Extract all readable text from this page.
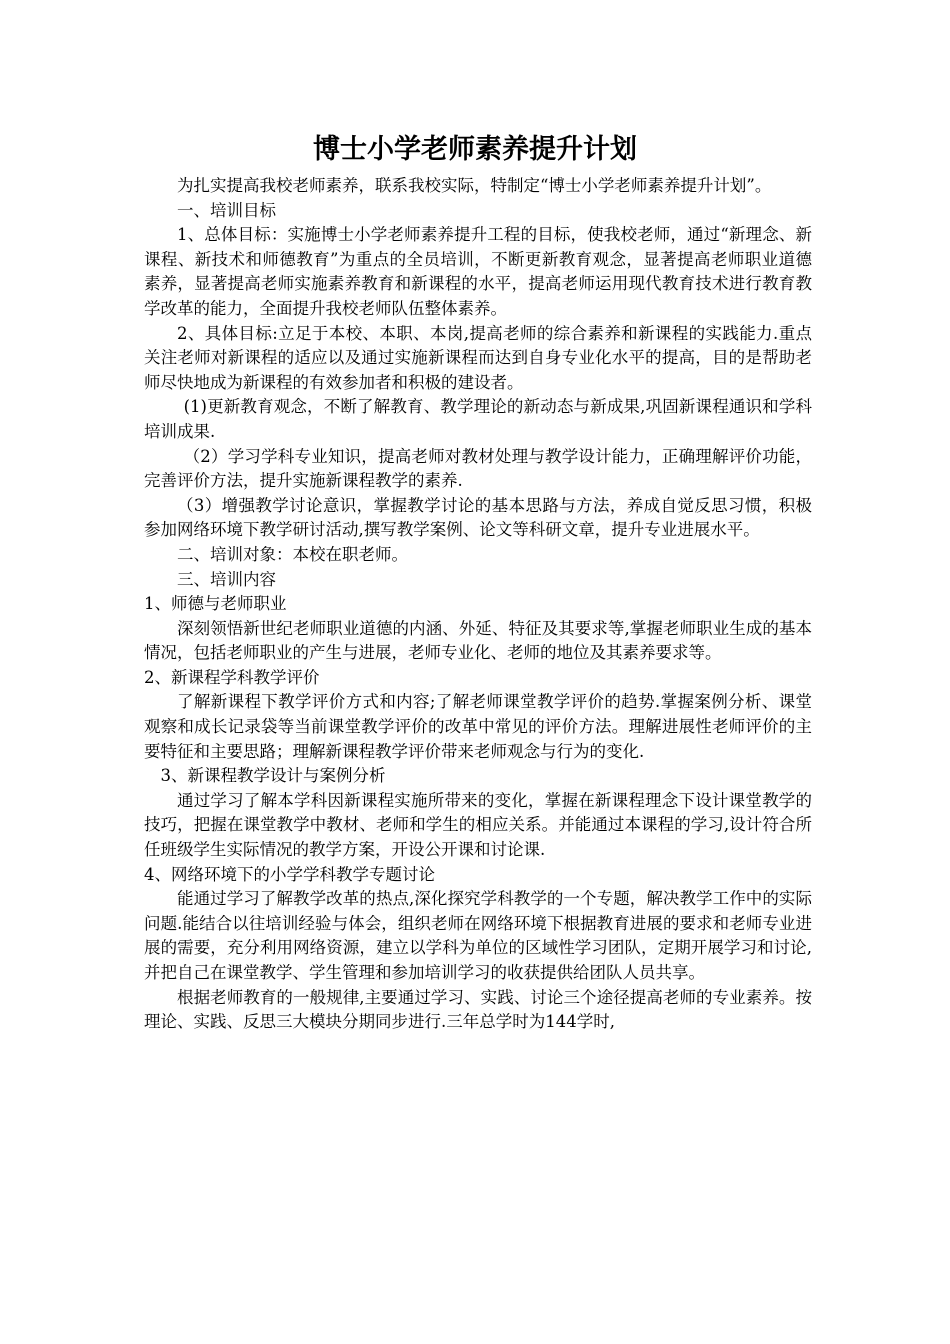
博士小学老师素养提升计划

为扎实提高我校老师素养，联系我校实际，特制定“博士小学老师素养提升计划”。

一、培训目标

1、总体目标：实施博士小学老师素养提升工程的目标，使我校老师，通过“新理念、新课程、新技术和师德教育”为重点的全员培训，不断更新教育观念，显著提高老师职业道德素养，显著提高老师实施素养教育和新课程的水平，提高老师运用现代教育技术进行教育教学改革的能力，全面提升我校老师队伍整体素养。

2、具体目标:立足于本校、本职、本岗,提高老师的综合素养和新课程的实践能力.重点关注老师对新课程的适应以及通过实施新课程而达到自身专业化水平的提高，目的是帮助老师尽快地成为新课程的有效参加者和积极的建设者。

(1)更新教育观念，不断了解教育、教学理论的新动态与新成果,巩固新课程通识和学科培训成果.

（2）学习学科专业知识，提高老师对教材处理与教学设计能力，正确理解评价功能，完善评价方法，提升实施新课程教学的素养.

（3）增强教学讨论意识，掌握教学讨论的基本思路与方法，养成自觉反思习惯，积极参加网络环境下教学研讨活动,撰写教学案例、论文等科研文章，提升专业进展水平。

二、培训对象：本校在职老师。

三、培训内容

1、师德与老师职业

深刻领悟新世纪老师职业道德的内涵、外延、特征及其要求等,掌握老师职业生成的基本情况，包括老师职业的产生与进展，老师专业化、老师的地位及其素养要求等。

2、新课程学科教学评价

了解新课程下教学评价方式和内容;了解老师课堂教学评价的趋势.掌握案例分析、课堂观察和成长记录袋等当前课堂教学评价的改革中常见的评价方法。理解进展性老师评价的主要特征和主要思路；理解新课程教学评价带来老师观念与行为的变化.

3、新课程教学设计与案例分析

通过学习了解本学科因新课程实施所带来的变化，掌握在新课程理念下设计课堂教学的技巧，把握在课堂教学中教材、老师和学生的相应关系。并能通过本课程的学习,设计符合所任班级学生实际情况的教学方案，开设公开课和讨论课.

4、网络环境下的小学学科教学专题讨论

能通过学习了解教学改革的热点,深化探究学科教学的一个专题，解决教学工作中的实际问题.能结合以往培训经验与体会，组织老师在网络环境下根据教育进展的要求和老师专业进展的需要，充分利用网络资源，建立以学科为单位的区域性学习团队，定期开展学习和讨论,并把自己在课堂教学、学生管理和参加培训学习的收获提供给团队人员共享。

根据老师教育的一般规律,主要通过学习、实践、讨论三个途径提高老师的专业素养。按理论、实践、反思三大模块分期同步进行.三年总学时为144学时,
